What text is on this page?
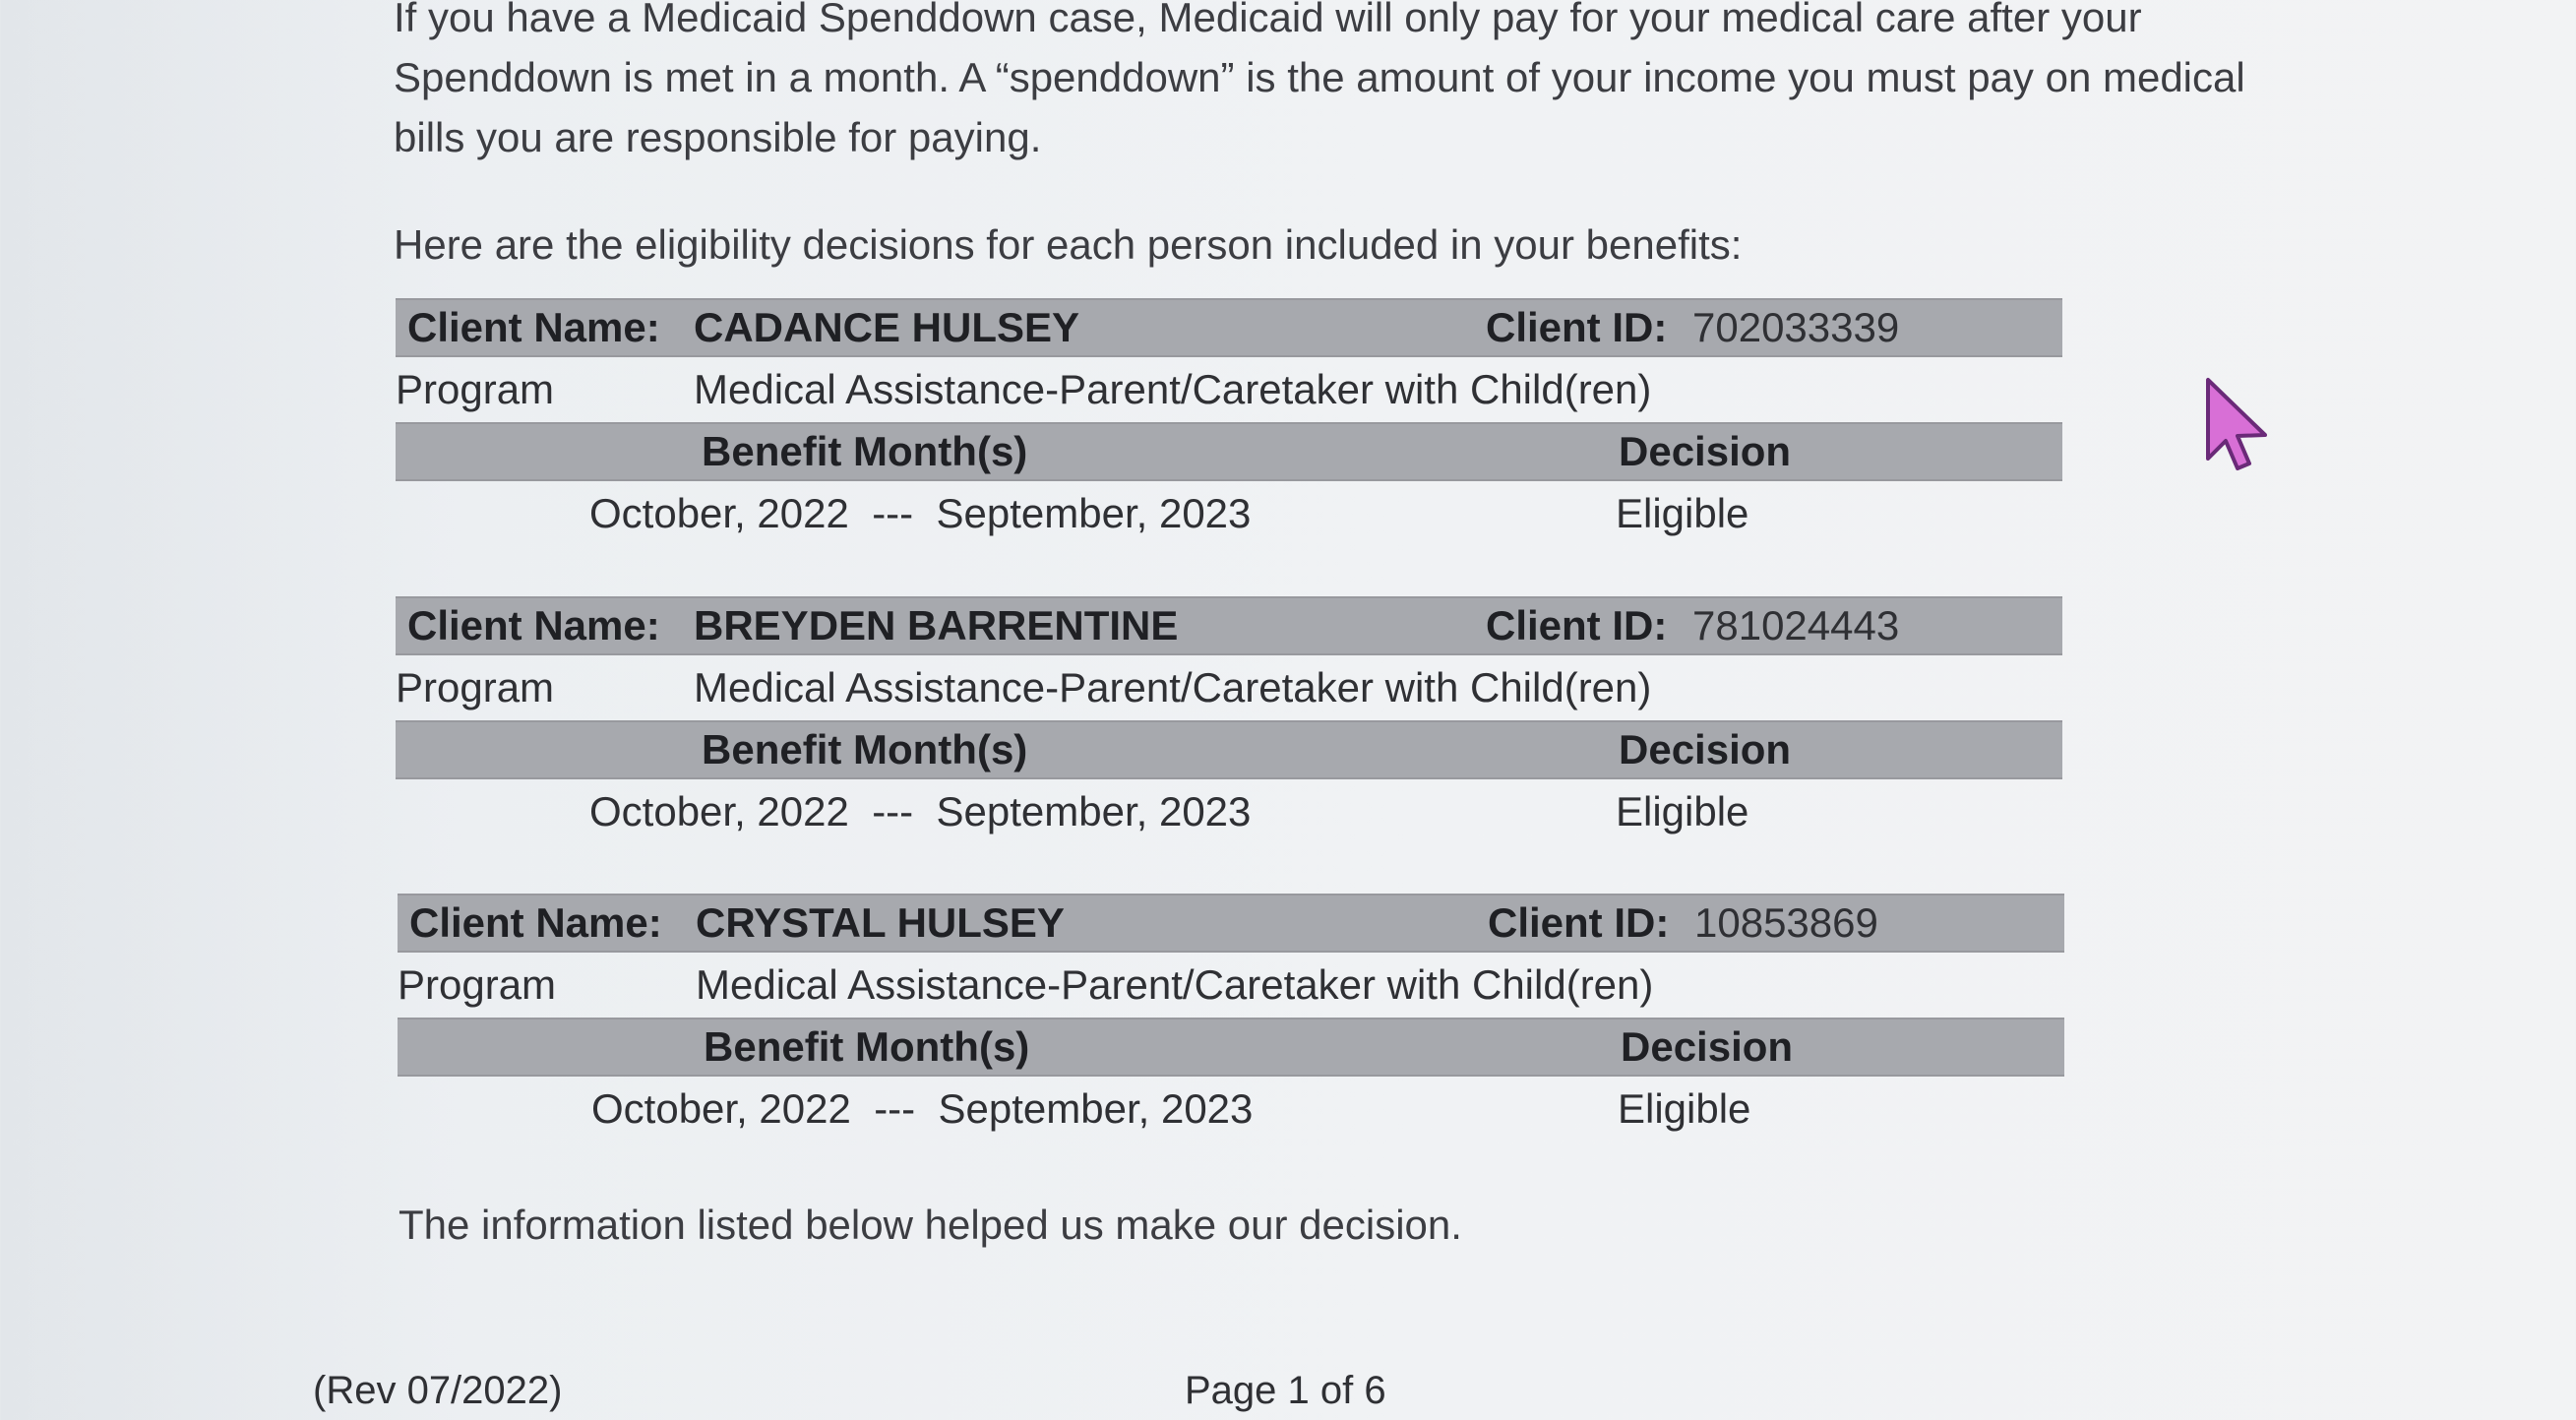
If you have a Medicaid Spenddown case, Medicaid will only pay for your medical care after your Spenddown is met in a month. A “spenddown” is the amount of your income you must pay on medical bills you are responsible for paying.

Here are the eligibility decisions for each person included in your benefits:

Client Name: CADANCE HULSEY	Client ID: 702033339
Program	Medical Assistance-Parent/Caretaker with Child(ren)
Benefit Month(s)	Decision
October, 2022  ---  September, 2023	Eligible
Client Name: BREYDEN BARRENTINE	Client ID: 781024443
Program	Medical Assistance-Parent/Caretaker with Child(ren)
Benefit Month(s)	Decision
October, 2022  ---  September, 2023	Eligible
Client Name: CRYSTAL HULSEY	Client ID: 10853869
Program	Medical Assistance-Parent/Caretaker with Child(ren)
Benefit Month(s)	Decision
October, 2022  ---  September, 2023	Eligible

The information listed below helped us make our decision.

(Rev 07/2022)	Page 1 of 6
